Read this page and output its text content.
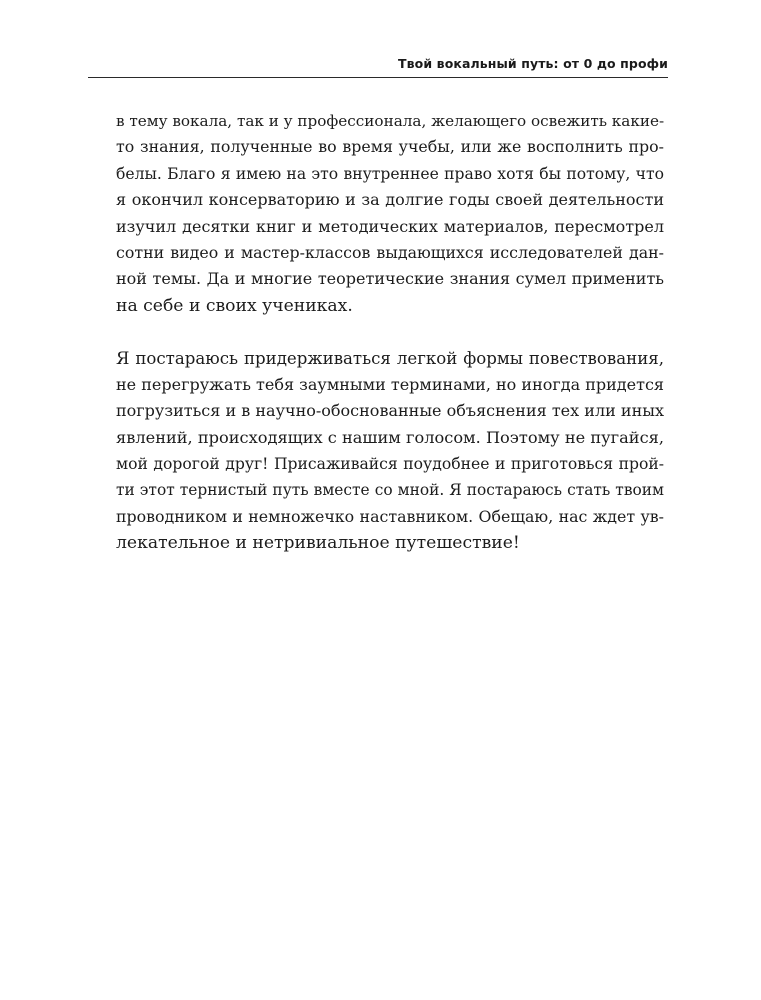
Твой вокальный путь: от 0 до профи

в тему вокала, так и у профессионала, желающего освежить какие-
то знания, полученные во время учебы, или же восполнить про-
белы. Благо я имею на это внутреннее право хотя бы потому, что
я окончил консерваторию и за долгие годы своей деятельности
изучил десятки книг и методических материалов, пересмотрел
сотни видео и мастер-классов выдающихся исследователей дан-
ной темы. Да и многие теоретические знания сумел применить
на себе и своих учениках.

Я постараюсь придерживаться легкой формы повествования,
не перегружать тебя заумными терминами, но иногда придется
погрузиться и в научно-обоснованные объяснения тех или иных
явлений, происходящих с нашим голосом. Поэтому не пугайся,
мой дорогой друг! Присаживайся поудобнее и приготовься прой-
ти этот тернистый путь вместе со мной. Я постараюсь стать твоим
проводником и немножечко наставником. Обещаю, нас ждет ув-
лекательное и нетривиальное путешествие!
